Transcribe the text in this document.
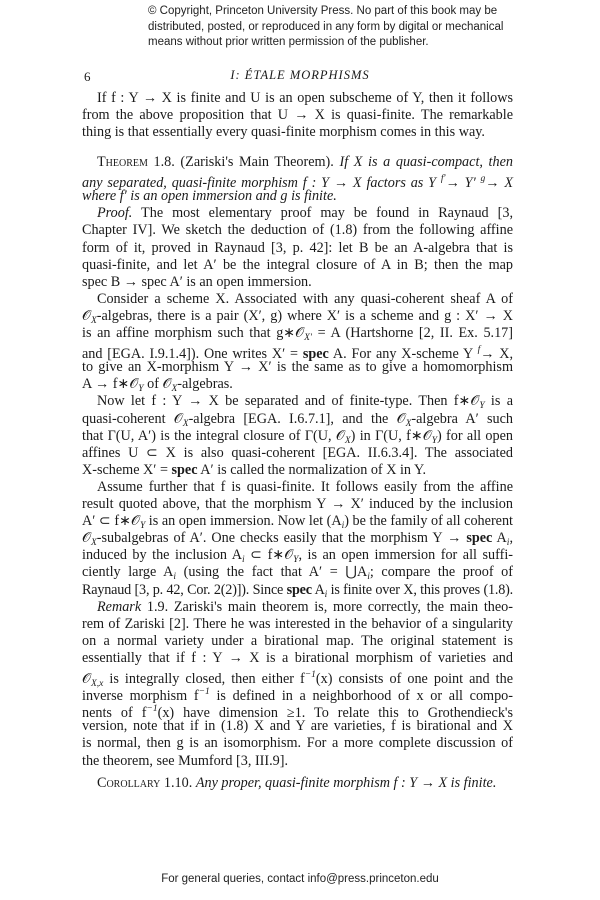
© Copyright, Princeton University Press. No part of this book may be
distributed, posted, or reproduced in any form by digital or mechanical
means without prior written permission of the publisher.
6	I: ÉTALE MORPHISMS
If f : Y → X is finite and U is an open subscheme of Y, then it follows
from the above proposition that U → X is quasi-finite. The remarkable
thing is that essentially every quasi-finite morphism comes in this way.
Theorem 1.8. (Zariski's Main Theorem). If X is a quasi-compact, then
any separated, quasi-finite morphism f : Y → X factors as Y $^{f'}$→ Y′ $^g$→ X
where f′ is an open immersion and g is finite.
Proof. The most elementary proof may be found in Raynaud [3,
Chapter IV]. We sketch the deduction of (1.8) from the following affine
form of it, proved in Raynaud [3, p. 42]: let B be an A-algebra that is
quasi-finite, and let A′ be the integral closure of A in B; then the map
spec B → spec A′ is an open immersion.
Consider a scheme X. Associated with any quasi-coherent sheaf A of
𝒪$_X$-algebras, there is a pair (X′, g) where X′ is a scheme and g : X′ → X
is an affine morphism such that g∗𝒪$_{X'}$ = A (Hartshorne [2, II. Ex. 5.17]
and [EGA. I.9.1.4]). One writes X′ = spec A. For any X-scheme Y $^f$→ X,
to give an X-morphism Y → X′ is the same as to give a homomorphism
A → f∗𝒪$_Y$ of 𝒪$_X$-algebras.
Now let f : Y → X be separated and of finite-type. Then f∗𝒪$_Y$ is a
quasi-coherent 𝒪$_X$-algebra [EGA. I.6.7.1], and the 𝒪$_X$-algebra A′ such
that Γ(U, A′) is the integral closure of Γ(U, 𝒪$_X$) in Γ(U, f∗𝒪$_Y$) for all open
affines U ⊂ X is also quasi-coherent [EGA. II.6.3.4]. The associated
X-scheme X′ = spec A′ is called the normalization of X in Y.
Assume further that f is quasi-finite. It follows easily from the affine
result quoted above, that the morphism Y → X′ induced by the inclusion
A′ ⊂ f∗𝒪$_Y$ is an open immersion. Now let $(A_i)$ be the family of all coherent
𝒪$_X$-subalgebras of A′. One checks easily that the morphism Y → spec $A_i$,
induced by the inclusion $A_i$ ⊂ f∗𝒪$_Y$, is an open immersion for all suffi-
ciently large $A_i$ (using the fact that $A' = ⋃A_i$; compare the proof of
Raynaud [3, p. 42, Cor. 2(2)]). Since spec $A_i$ is finite over X, this proves (1.8).
Remark 1.9. Zariski's main theorem is, more correctly, the main theo-
rem of Zariski [2]. There he was interested in the behavior of a singularity
on a normal variety under a birational map. The original statement is
essentially that if f : Y → X is a birational morphism of varieties and
𝒪$_{X,x}$ is integrally closed, then either $f^{-1}(x)$ consists of one point and the
inverse morphism $f^{-1}$ is defined in a neighborhood of x or all compo-
nents of $f^{-1}(x)$ have dimension ≥1. To relate this to Grothendieck's
version, note that if in (1.8) X and Y are varieties, f is birational and X
is normal, then g is an isomorphism. For a more complete discussion of
the theorem, see Mumford [3, III.9].
Corollary 1.10. Any proper, quasi-finite morphism f : Y → X is finite.
For general queries, contact info@press.princeton.edu
